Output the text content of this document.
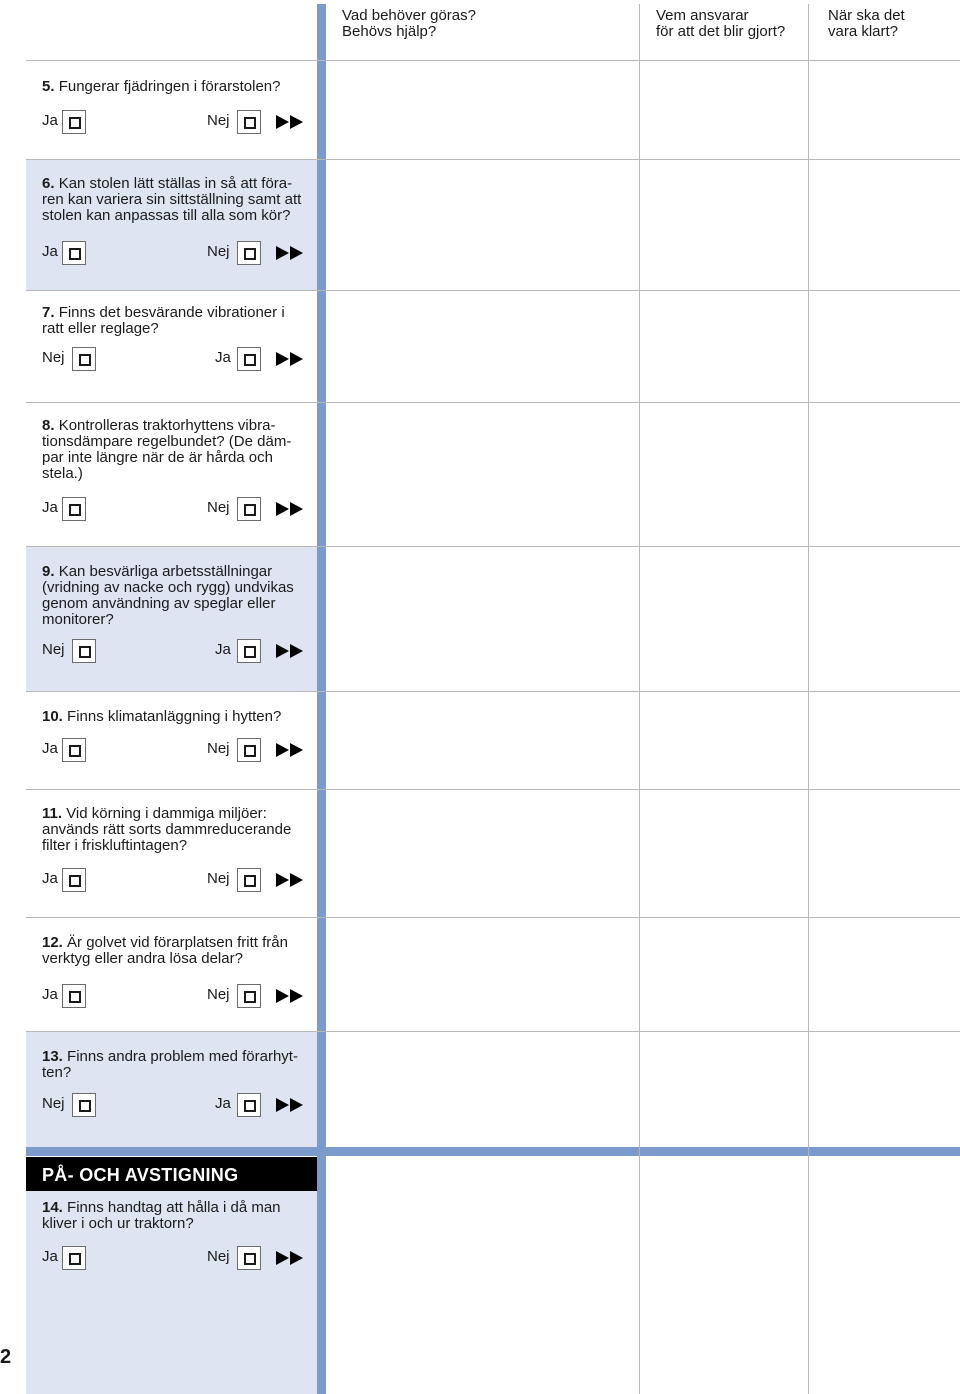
Vad behöver göras?
Behövs hjälp?
Vem ansvarar
för att det blir gjort?
När ska det
vara klart?
PÅ- OCH AVSTIGNING
2
5. Fungerar fjädringen i förarstolen?
Ja	Nej
6. Kan stolen lätt ställas in så att föra-
ren kan variera sin sittställning samt att
stolen kan anpassas till alla som kör?
Ja	Nej
7. Finns det besvärande vibrationer i
ratt eller reglage?
Nej	Ja
8. Kontrolleras traktorhyttens vibra-
tionsdämpare regelbundet? (De däm-
par inte längre när de är hårda och
stela.)
Ja	Nej
9. Kan besvärliga arbetsställningar
(vridning av nacke och rygg) undvikas
genom användning av speglar eller
monitorer?
Nej	Ja
10. Finns klimatanläggning i hytten?
Ja	Nej
11. Vid körning i dammiga miljöer:
används rätt sorts dammreducerande
filter i friskluftintagen?
Ja	Nej
12. Är golvet vid förarplatsen fritt från
verktyg eller andra lösa delar?
Ja	Nej
13. Finns andra problem med förarhyt-
ten?
Nej	Ja
14. Finns handtag att hålla i då man
kliver i och ur traktorn?
Ja	Nej
